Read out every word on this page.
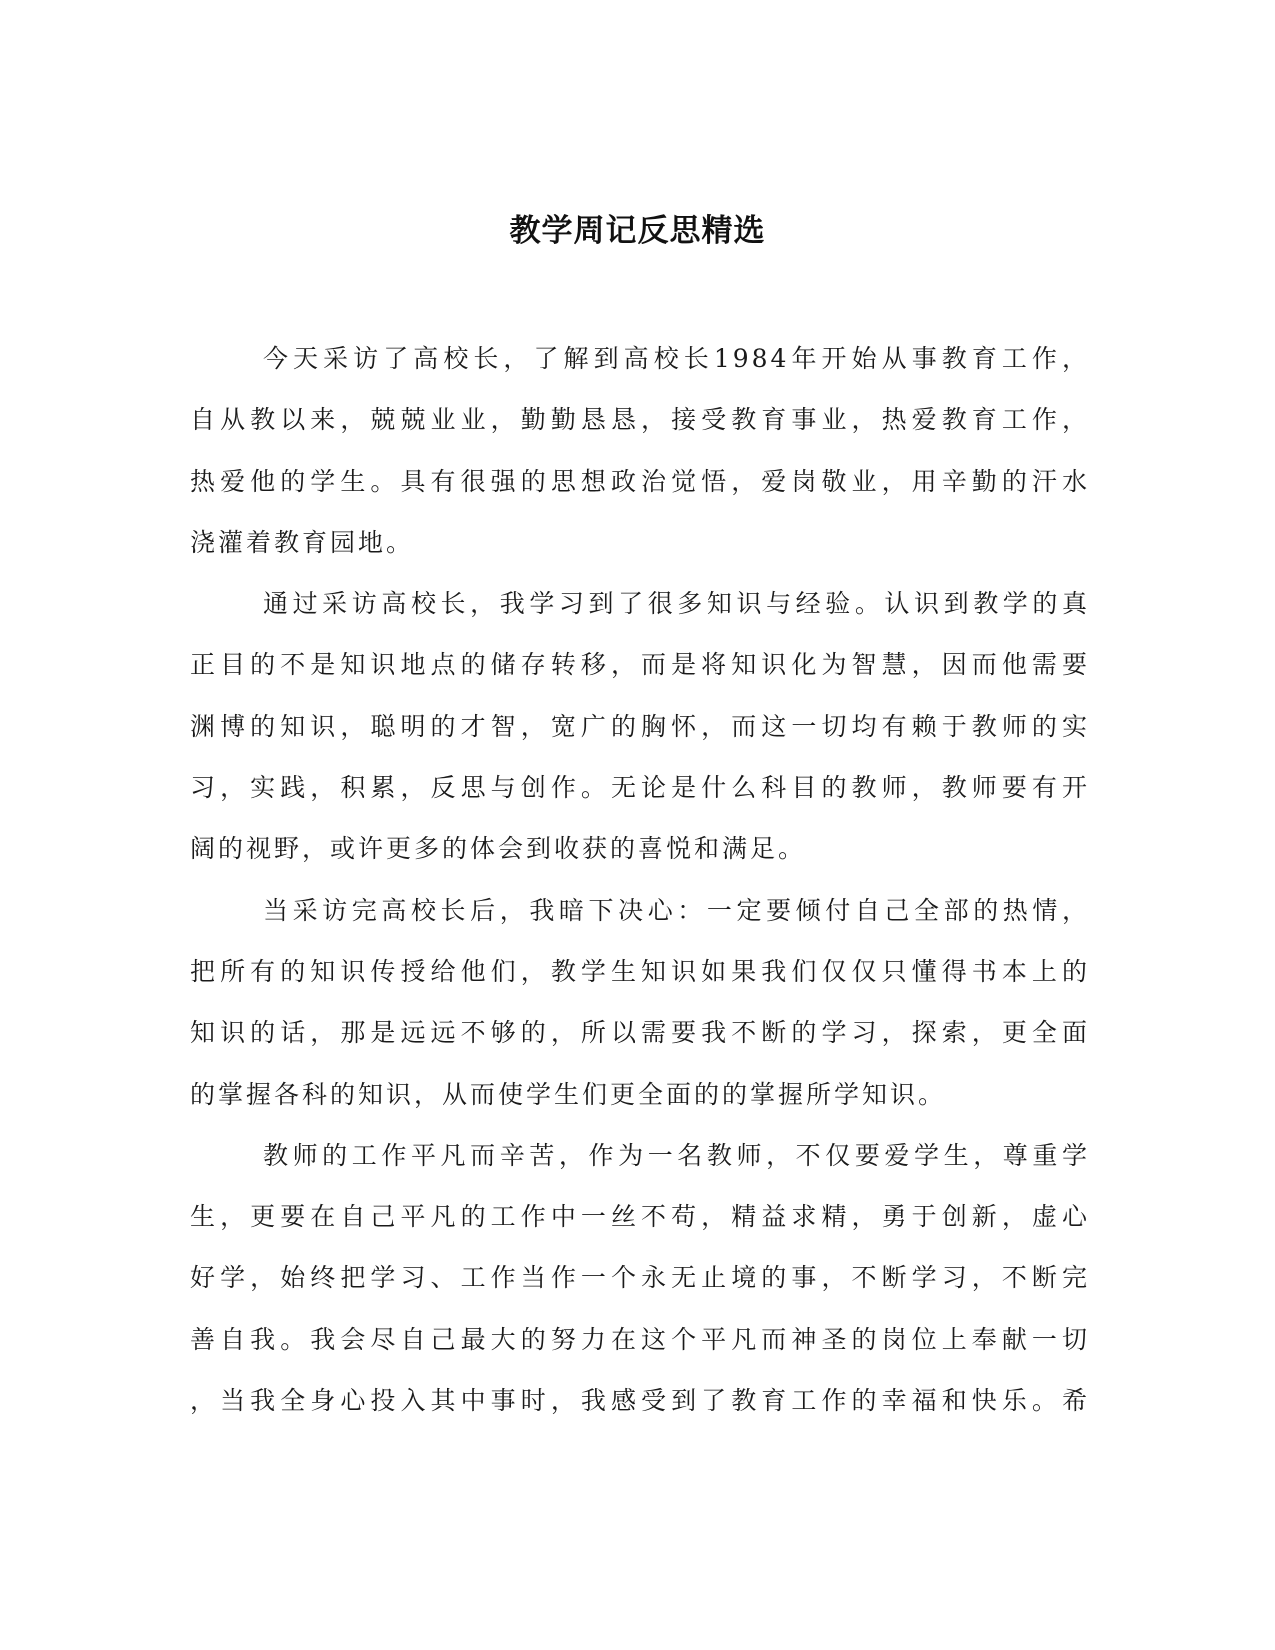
教学周记反思精选
今天采访了高校长，了解到高校长1984年开始从事教育工作，
自从教以来，兢兢业业，勤勤恳恳，接受教育事业，热爱教育工作，
热爱他的学生。具有很强的思想政治觉悟，爱岗敬业，用辛勤的汗水
浇灌着教育园地。
通过采访高校长，我学习到了很多知识与经验。认识到教学的真
正目的不是知识地点的储存转移，而是将知识化为智慧，因而他需要
渊博的知识，聪明的才智，宽广的胸怀，而这一切均有赖于教师的实
习，实践，积累，反思与创作。无论是什么科目的教师，教师要有开
阔的视野，或许更多的体会到收获的喜悦和满足。
当采访完高校长后，我暗下决心：一定要倾付自己全部的热情，
把所有的知识传授给他们，教学生知识如果我们仅仅只懂得书本上的
知识的话，那是远远不够的，所以需要我不断的学习，探索，更全面
的掌握各科的知识，从而使学生们更全面的的掌握所学知识。
教师的工作平凡而辛苦，作为一名教师，不仅要爱学生，尊重学
生，更要在自己平凡的工作中一丝不苟，精益求精，勇于创新，虚心
好学，始终把学习、工作当作一个永无止境的事，不断学习，不断完
善自我。我会尽自己最大的努力在这个平凡而神圣的岗位上奉献一切
，当我全身心投入其中事时，我感受到了教育工作的幸福和快乐。希
